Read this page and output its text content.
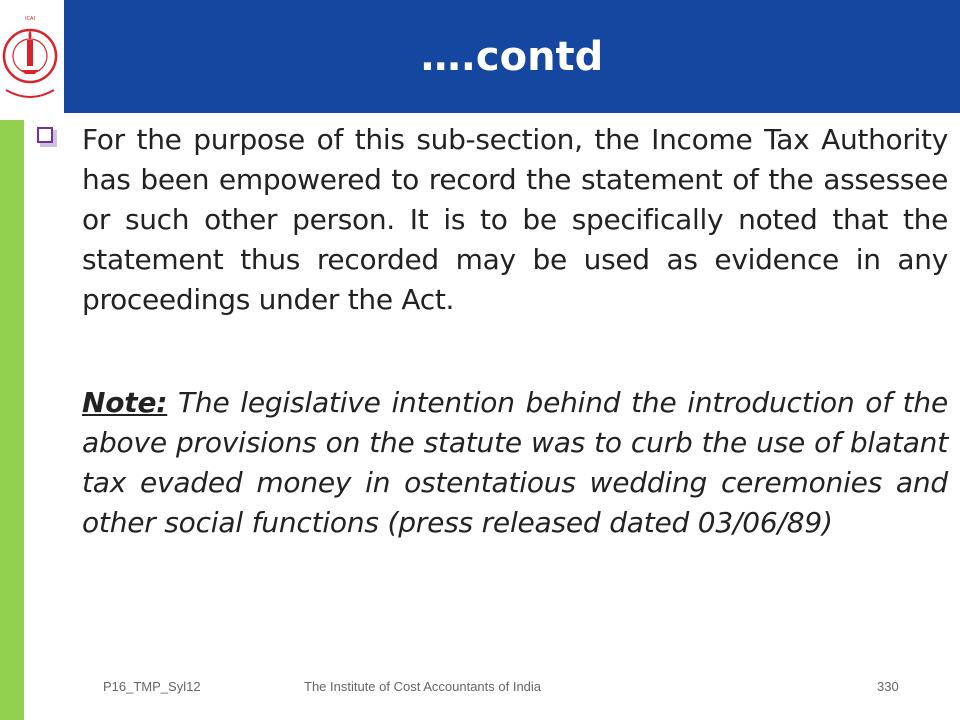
ICAI
….contd

For the purpose of this sub-section, the Income Tax Authority has been empowered to record the statement of the assessee or such other person. It is to be specifically noted that the statement thus recorded may be used as evidence in any proceedings under the Act.

Note: The legislative intention behind the introduction of the above provisions on the statute was to curb the use of blatant tax evaded money in ostentatious wedding ceremonies and other social functions (press released dated 03/06/89)

P16_TMP_Syl12	The Institute of Cost Accountants of India	330
